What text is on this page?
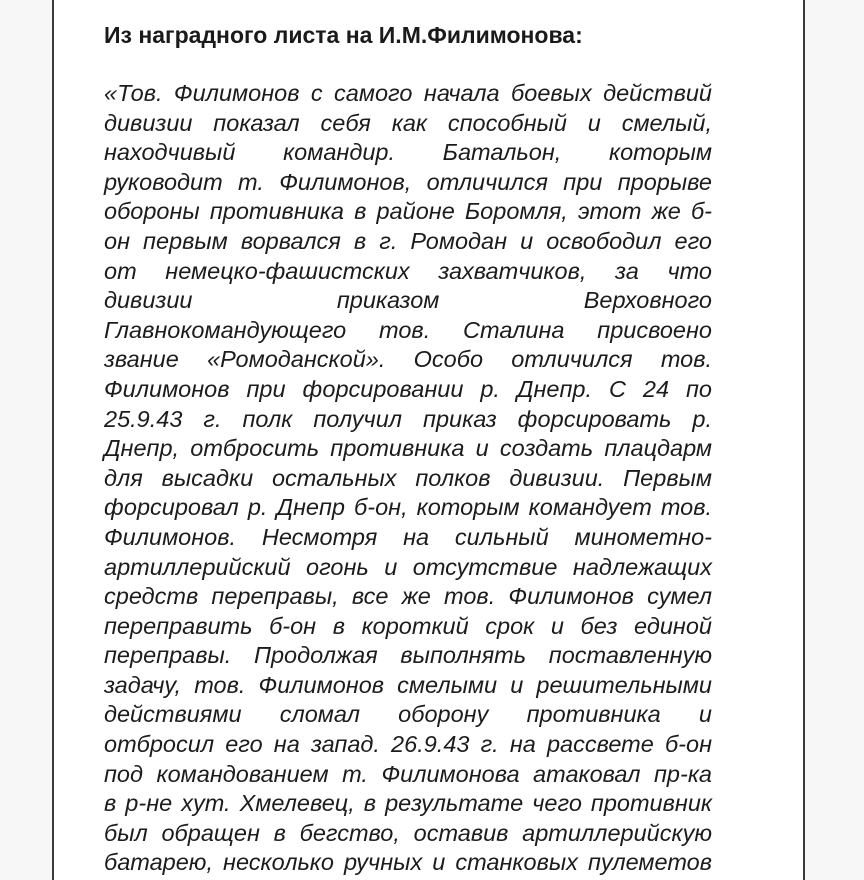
Из наградного листа на И.М.Филимонова:
«Тов. Филимонов с самого начала боевых действий
дивизии показал себя как способный и смелый,
находчивый командир. Батальон, которым
руководит т. Филимонов, отличился при прорыве
обороны противника в районе Боромля, этот же б-
он первым ворвался в г. Ромодан и освободил его
от немецко-фашистских захватчиков, за что
дивизии приказом Верховного
Главнокомандующего тов. Сталина присвоено
звание «Ромоданской». Особо отличился тов.
Филимонов при форсировании р. Днепр. С 24 по
25.9.43 г. полк получил приказ форсировать р.
Днепр, отбросить противника и создать плацдарм
для высадки остальных полков дивизии. Первым
форсировал р. Днепр б-он, которым командует тов.
Филимонов. Несмотря на сильный минометно-
артиллерийский огонь и отсутствие надлежащих
средств переправы, все же тов. Филимонов сумел
переправить б-он в короткий срок и без единой
переправы. Продолжая выполнять поставленную
задачу, тов. Филимонов смелыми и решительными
действиями сломал оборону противника и
отбросил его на запад. 26.9.43 г. на рассвете б-он
под командованием т. Филимонова атаковал пр-ка
в р-не хут. Хмелевец, в результате чего противник
был обращен в бегство, оставив артиллерийскую
батарею, несколько ручных и станковых пулеметов
